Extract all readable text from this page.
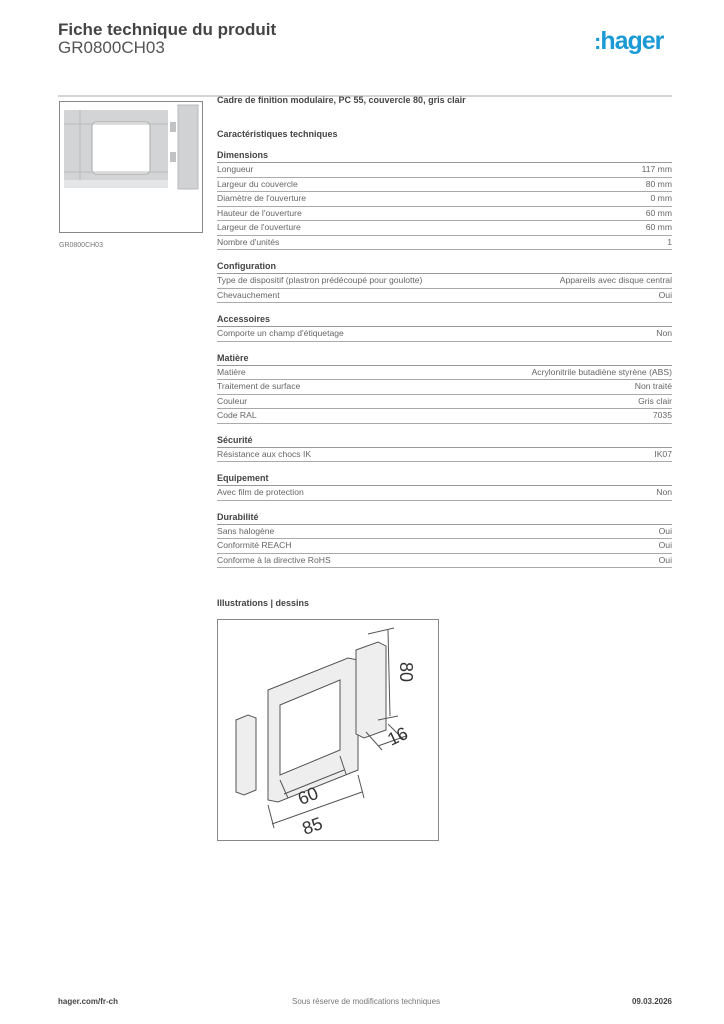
Fiche technique du produit
GR0800CH03	:hager
GR0800CH03
Cadre de finition modulaire, PC 55, couvercle 80, gris clair
Caractéristiques techniques
Dimensions
Longueur	117 mm
Largeur du couvercle	80 mm
Diamètre de l'ouverture	0 mm
Hauteur de l'ouverture	60 mm
Largeur de l'ouverture	60 mm
Nombre d'unités	1
Configuration
Type de dispositif (plastron prédécoupé pour goulotte)	Appareils avec disque central
Chevauchement	Oui
Accessoires
Comporte un champ d'étiquetage	Non
Matière
Matière	Acrylonitrile butadiène styrène (ABS)
Traitement de surface	Non traité
Couleur	Gris clair
Code RAL	7035
Sécurité
Résistance aux chocs IK	IK07
Equipement
Avec film de protection	Non
Durabilité
Sans halogène	Oui
Conformité REACH	Oui
Conforme à la directive RoHS	Oui
Illustrations | dessins
80
16
60
85
hager.com/fr-ch	Sous réserve de modifications techniques	09.03.2026
